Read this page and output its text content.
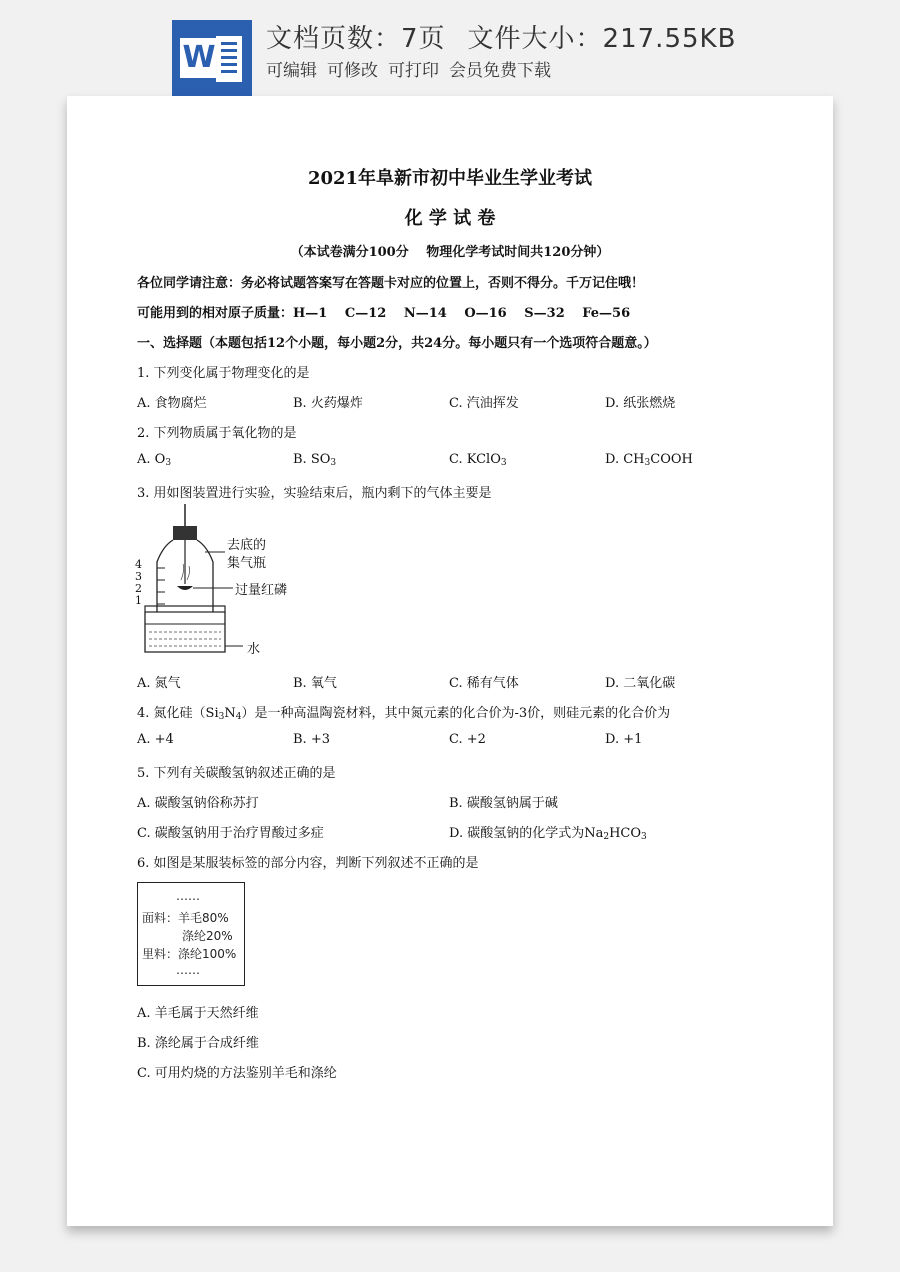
W
文档页数：7页 文件大小：217.55KB
可编辑 可修改 可打印 会员免费下载
2021年阜新市初中毕业生学业考试
化 学 试 卷
（本试卷满分100分　 物理化学考试时间共120分钟）
各位同学请注意：务必将试题答案写在答题卡对应的位置上，否则不得分。千万记住哦！
可能用到的相对原子质量：H—1　 C—12　 N—14　 O—16　 S—32　 Fe—56
一、选择题（本题包括12个小题，每小题2分，共24分。每小题只有一个选项符合题意。）
1. 下列变化属于物理变化的是
A. 食物腐烂	B. 火药爆炸	C. 汽油挥发	D. 纸张燃烧
2. 下列物质属于氧化物的是
A. $O_3$	B. $SO_3$	C. KClO$_3$	D. $CH_3COOH$
3. 用如图装置进行实验，实验结束后，瓶内剩下的气体主要是
4
3
2
1
去底的
集气瓶
过量红磷
水
A. 氮气	B. 氧气	C. 稀有气体	D. 二氧化碳
4. 氮化硅$(Si_3N_4)$是一种高温陶瓷材料，其中氮元素的化合价为-3价，则硅元素的化合价为
A. +4	B. +3	C. +2	D. +1
5. 下列有关碳酸氢钠叙述正确的是
A. 碳酸氢钠俗称苏打	B. 碳酸氢钠属于碱
C. 碳酸氢钠用于治疗胃酸过多症	D. 碳酸氢钠的化学式为$Na_2HCO_3$
6. 如图是某服装标签的部分内容，判断下列叙述不正确的是
……
面料：羊毛80%
涤纶20%
里料：涤纶100%
……
A. 羊毛属于天然纤维
B. 涤纶属于合成纤维
C. 可用灼烧的方法鉴别羊毛和涤纶
